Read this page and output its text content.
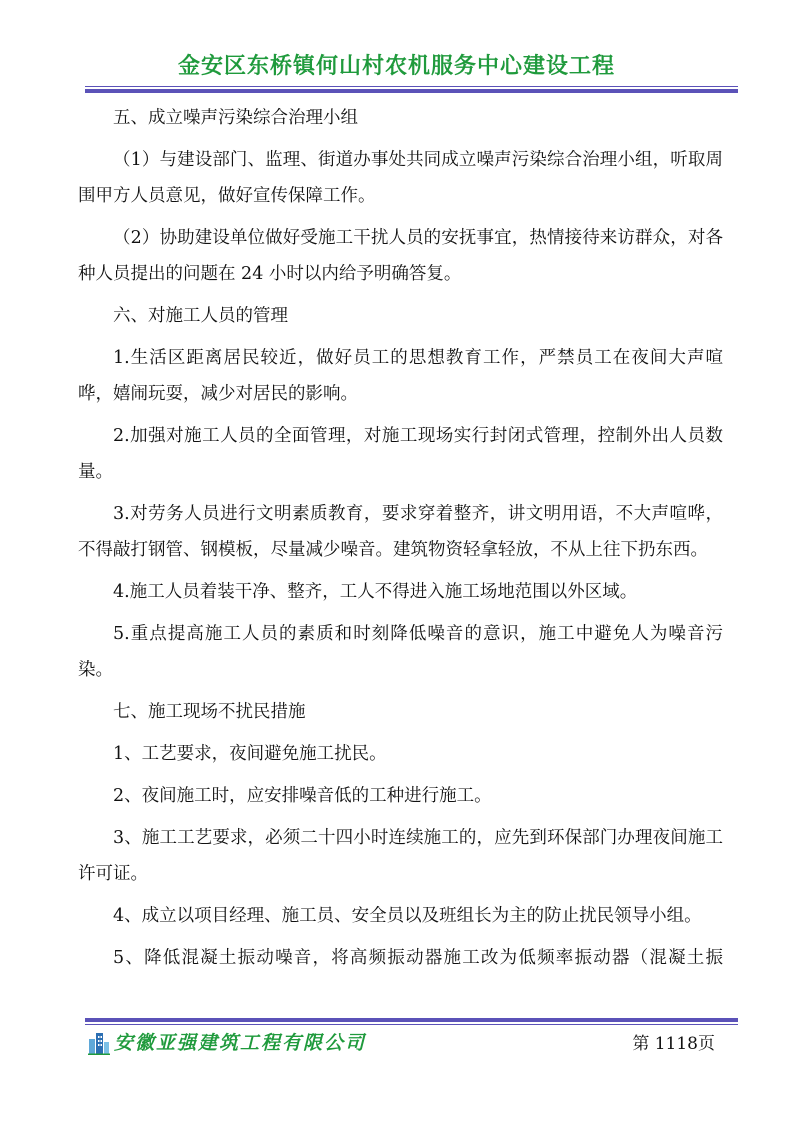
金安区东桥镇何山村农机服务中心建设工程

五、成立噪声污染综合治理小组

（1）与建设部门、监理、街道办事处共同成立噪声污染综合治理小组，听取周围甲方人员意见，做好宣传保障工作。

（2）协助建设单位做好受施工干扰人员的安抚事宜，热情接待来访群众，对各种人员提出的问题在 24 小时以内给予明确答复。

六、对施工人员的管理

1.生活区距离居民较近，做好员工的思想教育工作，严禁员工在夜间大声喧哗，嬉闹玩耍，减少对居民的影响。

2.加强对施工人员的全面管理，对施工现场实行封闭式管理，控制外出人员数量。

3.对劳务人员进行文明素质教育，要求穿着整齐，讲文明用语，不大声喧哗，不得敲打钢管、钢模板，尽量减少噪音。建筑物资轻拿轻放，不从上往下扔东西。

4.施工人员着装干净、整齐，工人不得进入施工场地范围以外区域。

5.重点提高施工人员的素质和时刻降低噪音的意识，施工中避免人为噪音污染。

七、施工现场不扰民措施

1、工艺要求，夜间避免施工扰民。

2、夜间施工时，应安排噪音低的工种进行施工。

3、施工工艺要求，必须二十四小时连续施工的，应先到环保部门办理夜间施工许可证。

4、成立以项目经理、施工员、安全员以及班组长为主的防止扰民领导小组。

5、降低混凝土振动噪音，将高频振动器施工改为低频率振动器（混凝土振

安徽亚强建筑工程有限公司	第 1118页
